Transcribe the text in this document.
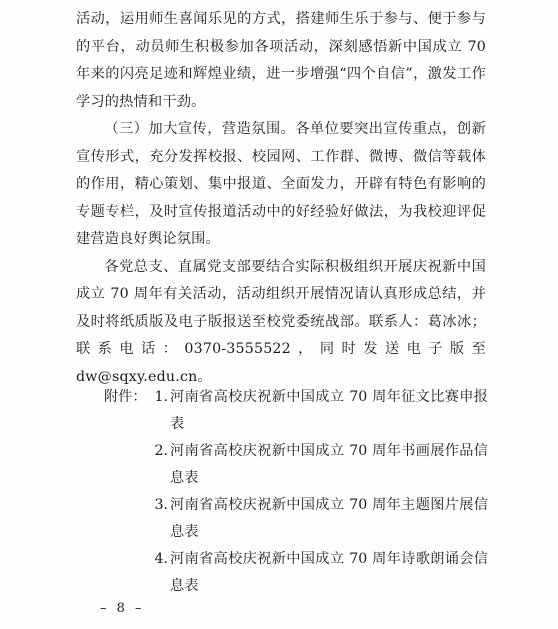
活动，运用师生喜闻乐见的方式，搭建师生乐于参与、便于参与的平台，动员师生积极参加各项活动，深刻感悟新中国成立 70 年来的闪亮足迹和辉煌业绩，进一步增强“四个自信”，激发工作学习的热情和干劲。

（三）加大宣传，营造氛围。各单位要突出宣传重点，创新宣传形式，充分发挥校报、校园网、工作群、微博、微信等载体的作用，精心策划、集中报道、全面发力，开辟有特色有影响的专题专栏，及时宣传报道活动中的好经验好做法，为我校迎评促建营造良好舆论氛围。

各党总支、直属党支部要结合实际积极组织开展庆祝新中国成立 70 周年有关活动，活动组织开展情况请认真形成总结，并及时将纸质版及电子版报送至校党委统战部。联系人：葛冰冰；联系电话：0370-3555522，同时发送电子版至 dw@sqxy.edu.cn。

附件： 1. 河南省高校庆祝新中国成立 70 周年征文比赛申报表
2. 河南省高校庆祝新中国成立 70 周年书画展作品信息表
3. 河南省高校庆祝新中国成立 70 周年主题图片展信息表
4. 河南省高校庆祝新中国成立 70 周年诗歌朗诵会信息表
– 8 –
